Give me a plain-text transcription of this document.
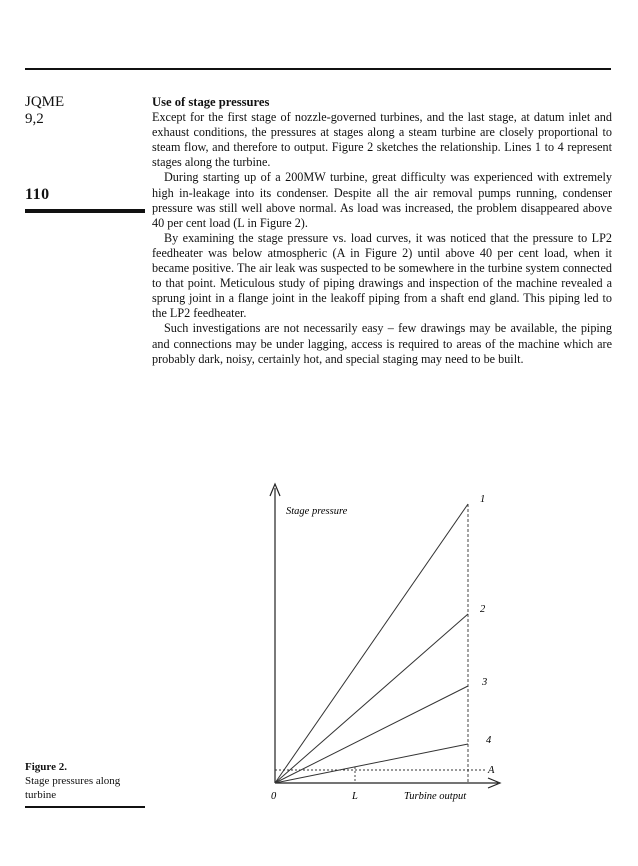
JQME
9,2
110
Use of stage pressures

Except for the first stage of nozzle-governed turbines, and the last stage, at datum inlet and exhaust conditions, the pressures at stages along a steam turbine are closely proportional to steam flow, and therefore to output. Figure 2 sketches the relationship. Lines 1 to 4 represent stages along the turbine.

During starting up of a 200MW turbine, great difficulty was experienced with extremely high in-leakage into its condenser. Despite all the air removal pumps running, condenser pressure was still well above normal. As load was increased, the problem disappeared above 40 per cent load (L in Figure 2).

By examining the stage pressure vs. load curves, it was noticed that the pressure to LP2 feedheater was below atmospheric (A in Figure 2) until above 40 per cent load, when it became positive. The air leak was suspected to be somewhere in the turbine system connected to that point. Meticulous study of piping drawings and inspection of the machine revealed a sprung joint in a flange joint in the leakoff piping from a shaft end gland. This piping led to the LP2 feedheater.

Such investigations are not necessarily easy – few drawings may be available, the piping and connections may be under lagging, access is required to areas of the machine which are probably dark, noisy, certainly hot, and special staging may need to be built.

Stage pressure
Turbine output
0	L
A
1
2
3
4
Figure 2.
Stage pressures along turbine
